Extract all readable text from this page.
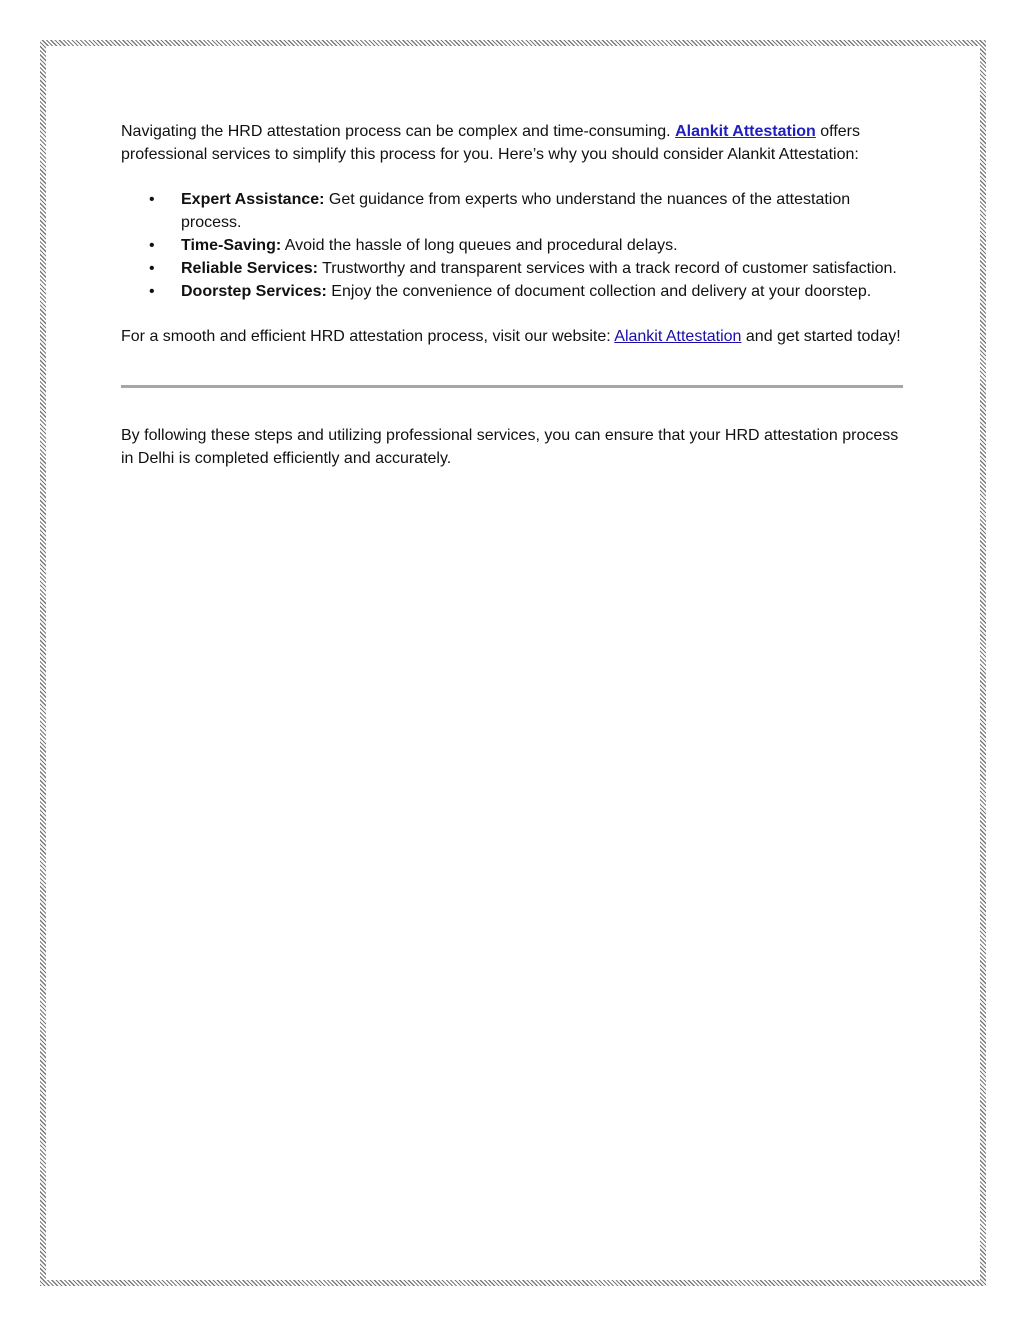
Navigating the HRD attestation process can be complex and time-consuming. Alankit Attestation offers professional services to simplify this process for you. Here’s why you should consider Alankit Attestation:

• Expert Assistance: Get guidance from experts who understand the nuances of the attestation process.
• Time-Saving: Avoid the hassle of long queues and procedural delays.
• Reliable Services: Trustworthy and transparent services with a track record of customer satisfaction.
• Doorstep Services: Enjoy the convenience of document collection and delivery at your doorstep.

For a smooth and efficient HRD attestation process, visit our website: Alankit Attestation and get started today!

By following these steps and utilizing professional services, you can ensure that your HRD attestation process in Delhi is completed efficiently and accurately.
